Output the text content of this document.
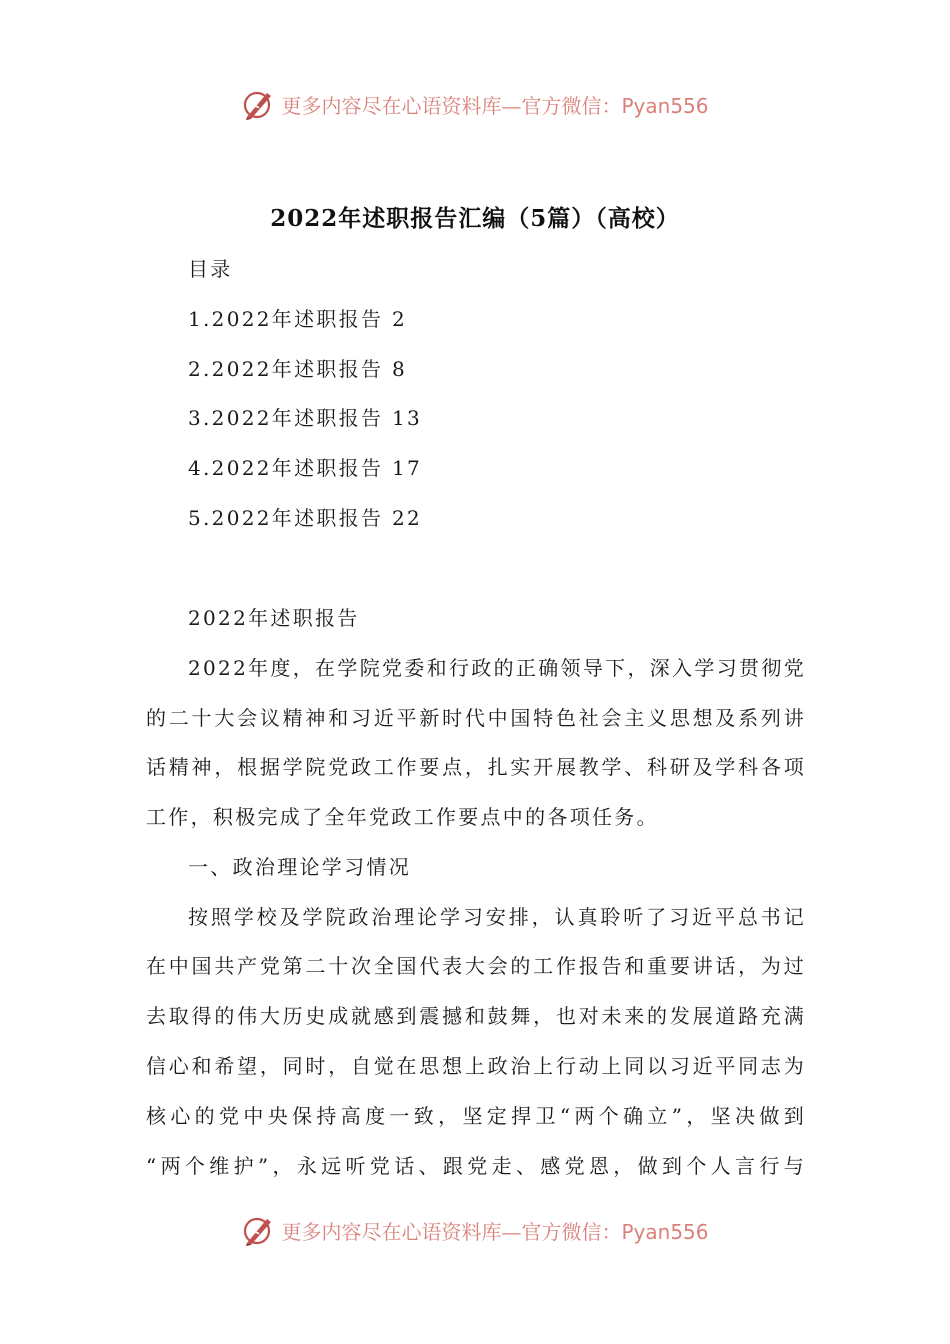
更多内容尽在心语资料库—官方微信：Pyan556
2022年述职报告汇编（5篇）（高校）
目录
1.2022年述职报告 2
2.2022年述职报告 8
3.2022年述职报告 13
4.2022年述职报告 17
5.2022年述职报告 22
2022年述职报告
2022年度，在学院党委和行政的正确领导下，深入学习贯彻党
的二十大会议精神和习近平新时代中国特色社会主义思想及系列讲
话精神，根据学院党政工作要点，扎实开展教学、科研及学科各项
工作，积极完成了全年党政工作要点中的各项任务。
一、政治理论学习情况
按照学校及学院政治理论学习安排，认真聆听了习近平总书记
在中国共产党第二十次全国代表大会的工作报告和重要讲话，为过
去取得的伟大历史成就感到震撼和鼓舞，也对未来的发展道路充满
信心和希望，同时，自觉在思想上政治上行动上同以习近平同志为
核心的党中央保持高度一致，坚定捍卫“两个确立”，坚决做到
“两个维护”，永远听党话、跟党走、感党恩，做到个人言行与
更多内容尽在心语资料库—官方微信：Pyan556
